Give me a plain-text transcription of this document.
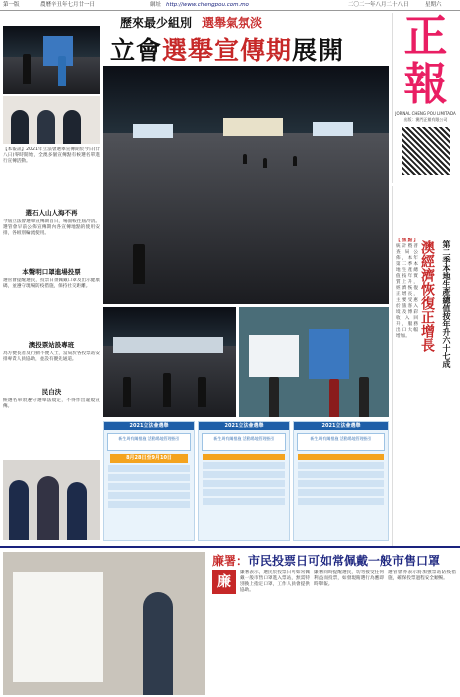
第一版	農曆辛丑年七月廿一日	網址 http://www.chengpou.com.mo	二〇二一年八月二十八日	星期六
歷來最少組別 選舉氣氛淡
立會選舉宣傳期展開
【本報訊】2021年立法會選舉宣傳期於今日(廿八日)零時開始，全澳多個宣傳點有候選名單進行宣傳活動。
選石人山人海不再
今屆立法會選舉宣傳期首日，場面較往屆冷清。選管會早前公佈宣傳期內各宣傳地點的使用安排，各組別輪流使用。
本聲明口罩進場投票
選管會提醒選民，投票日須佩戴口罩及出示健康碼，並遵守現場防疫措施，保持社交距離。
澳投票站設專班
為方便長者及行動不便人士，當局於各投票站安排專責人員協助，並設有優先通道。
民白決
候選名單須遵守選舉法規定，不得作出違規宣傳。
2021立法會選舉
新生周有關措施 活動場地管理指引
8月28日至9月10日
2021立法會選舉
新生周有關措施 活動場地管理指引
2021立法會選舉
新生周有關措施 活動場地管理指引
正
報
JORNAL CHENG POU LIMITADA
出版：澳門正報有限公司
【焦點】統計暨普查局公佈，本年第二季本地生產總值按年實質上升，經濟恢復正增長，主要受惠於旅客入境及博彩收入回升，服務出口大幅增加。 澳經濟恢復正增長 第二季本地生產總值按年升六十七成
廉署：市民投票日可如常佩戴一般市售口罩
廉
廉署表示，選民於投票日可如常佩戴一般市售口罩進入票站，無需特別換上指定口罩，工作人員會提供協助。
廉署同時提醒選民，切勿接受任何利益而投票，如發現賄選行為應即時舉報。
選管會亦表示將加強票站防疫措施，確保投票過程安全順暢。
